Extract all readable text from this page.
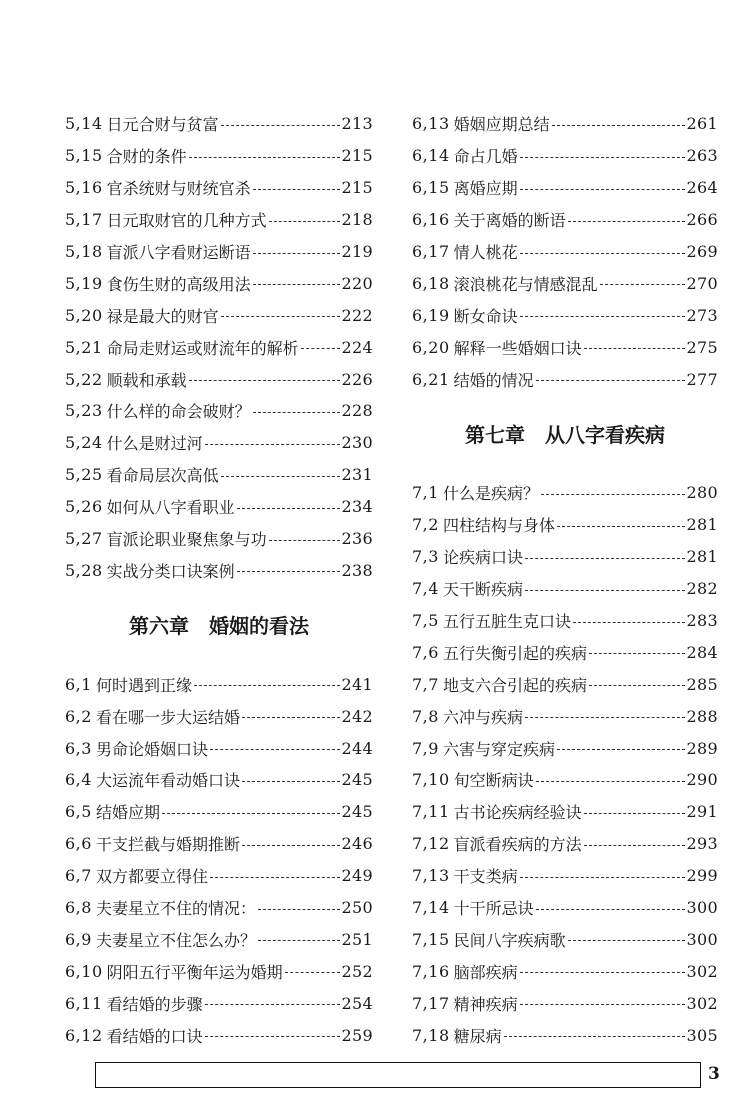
5,14 日元合财与贫富	213
5,15 合财的条件	215
5,16 官杀统财与财统官杀	215
5,17 日元取财官的几种方式	218
5,18 盲派八字看财运断语	219
5,19 食伤生财的高级用法	220
5,20 禄是最大的财官	222
5,21 命局走财运或财流年的解析	224
5,22 顺载和承载	226
5,23 什么样的命会破财？	228
5,24 什么是财过河	230
5,25 看命局层次高低	231
5,26 如何从八字看职业	234
5,27 盲派论职业聚焦象与功	236
5,28 实战分类口诀案例	238
第六章　婚姻的看法
6,1 何时遇到正缘	241
6,2 看在哪一步大运结婚	242
6,3 男命论婚姻口诀	244
6,4 大运流年看动婚口诀	245
6,5 结婚应期	245
6,6 干支拦截与婚期推断	246
6,7 双方都要立得住	249
6,8 夫妻星立不住的情况：	250
6,9 夫妻星立不住怎么办？	251
6,10 阴阳五行平衡年运为婚期	252
6,11 看结婚的步骤	254
6,12 看结婚的口诀	259
6,13 婚姻应期总结	261
6,14 命占几婚	263
6,15 离婚应期	264
6,16 关于离婚的断语	266
6,17 情人桃花	269
6,18 滚浪桃花与情感混乱	270
6,19 断女命诀	273
6,20 解释一些婚姻口诀	275
6,21 结婚的情况	277
第七章　从八字看疾病
7,1 什么是疾病？	280
7,2 四柱结构与身体	281
7,3 论疾病口诀	281
7,4 天干断疾病	282
7,5 五行五脏生克口诀	283
7,6 五行失衡引起的疾病	284
7,7 地支六合引起的疾病	285
7,8 六冲与疾病	288
7,9 六害与穿定疾病	289
7,10 旬空断病诀	290
7,11 古书论疾病经验诀	291
7,12 盲派看疾病的方法	293
7,13 干支类病	299
7,14 十干所忌诀	300
7,15 民间八字疾病歌	300
7,16 脑部疾病	302
7,17 精神疾病	302
7,18 糖尿病	305
3
